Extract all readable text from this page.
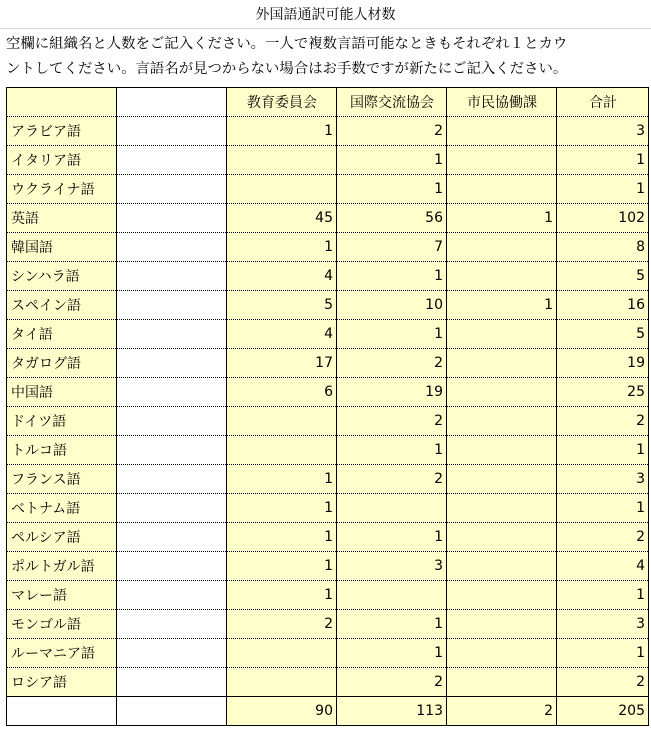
外国語通訳可能人材数
空欄に組織名と人数をご記入ください。一人で複数言語可能なときもそれぞれ１とカウ
ントしてください。言語名が見つからない場合はお手数ですが新たにご記入ください。
		教育委員会	国際交流協会	市民協働課	合計
アラビア語		1	2		3
イタリア語			1		1
ウクライナ語			1		1
英語		45	56	1	102
韓国語		1	7		8
シンハラ語		4	1		5
スペイン語		5	10	1	16
タイ語		4	1		5
タガログ語		17	2		19
中国語		6	19		25
ドイツ語			2		2
トルコ語			1		1
フランス語		1	2		3
ベトナム語		1			1
ペルシア語		1	1		2
ポルトガル語		1	3		4
マレー語		1			1
モンゴル語		2	1		3
ルーマニア語			1		1
ロシア語			2		2
		90	113	2	205
